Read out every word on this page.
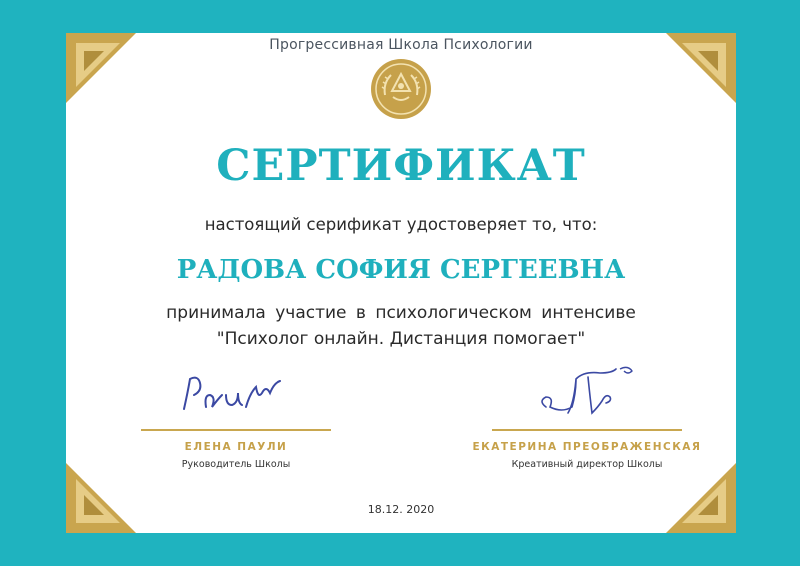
Прогрессивная Школа Психологии
СЕРТИФИКАТ
настоящий серификат удостоверяет то, что:
РАДОВА СОФИЯ СЕРГЕЕВНА
принимала участие в психологическом интенсиве
"Психолог онлайн. Дистанция помогает"
ЕЛЕНА ПАУЛИ
Руководитель Школы
ЕКАТЕРИНА ПРЕОБРАЖЕНСКАЯ
Креативный директор Школы
18.12. 2020
